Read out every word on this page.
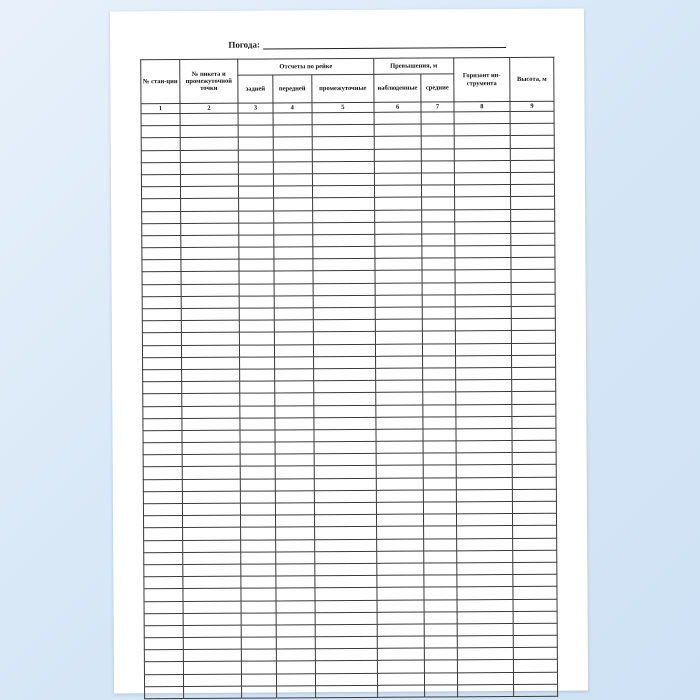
Погода:
№ стан-ции	№ пикета и промежуточной точки	Отсчеты по рейке			Превышения, м		Горизонт ин-струмента	Высота, м
		задней	передней	промежуточные	наблюденные	средние		
1	2	3	4	5	6	7	8	9
